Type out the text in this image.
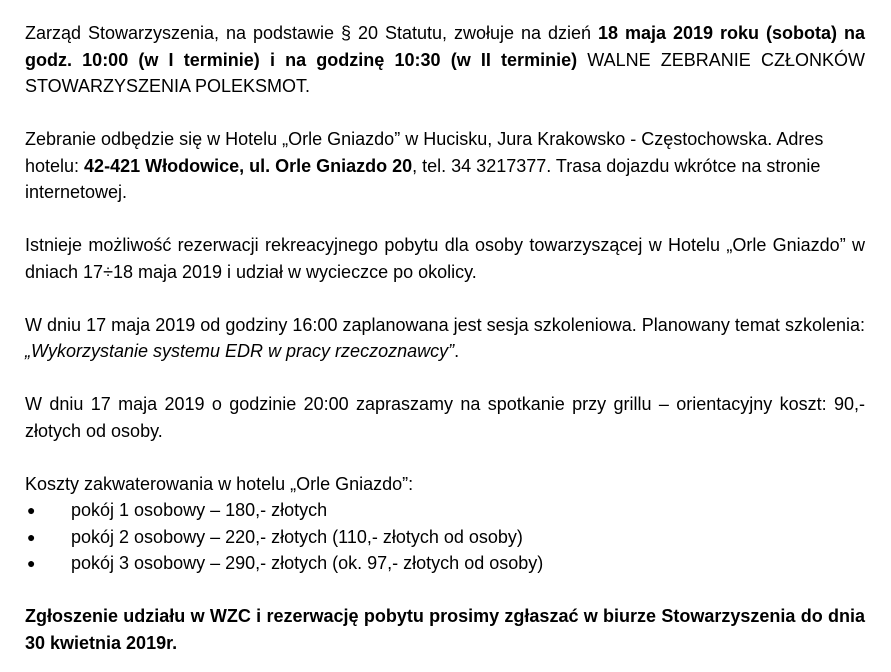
Zarząd Stowarzyszenia, na podstawie § 20 Statutu, zwołuje na dzień 18 maja 2019 roku (sobota) na godz. 10:00 (w I terminie) i na godzinę 10:30 (w II terminie) WALNE ZEBRANIE CZŁONKÓW STOWARZYSZENIA POLEKSMOT.

Zebranie odbędzie się w Hotelu „Orle Gniazdo” w Hucisku, Jura Krakowsko - Częstochowska. Adres hotelu: 42-421 Włodowice, ul. Orle Gniazdo 20, tel. 34 3217377. Trasa dojazdu wkrótce na stronie internetowej.

Istnieje możliwość rezerwacji rekreacyjnego pobytu dla osoby towarzyszącej w Hotelu „Orle Gniazdo” w dniach 17÷18 maja 2019 i udział w wycieczce po okolicy.

W dniu 17 maja 2019 od godziny 16:00 zaplanowana jest sesja szkoleniowa. Planowany temat szkolenia: „Wykorzystanie systemu EDR w pracy rzeczoznawcy”.

W dniu 17 maja 2019 o godzinie 20:00 zapraszamy na spotkanie przy grillu – orientacyjny koszt: 90,- złotych od osoby.

Koszty zakwaterowania w hotelu „Orle Gniazdo”:

● pokój 1 osobowy – 180,- złotych
● pokój 2 osobowy – 220,- złotych (110,- złotych od osoby)
● pokój 3 osobowy – 290,- złotych (ok. 97,- złotych od osoby)

Zgłoszenie udziału w WZC i rezerwację pobytu prosimy zgłaszać w biurze Stowarzyszenia do dnia 30 kwietnia 2019r.
